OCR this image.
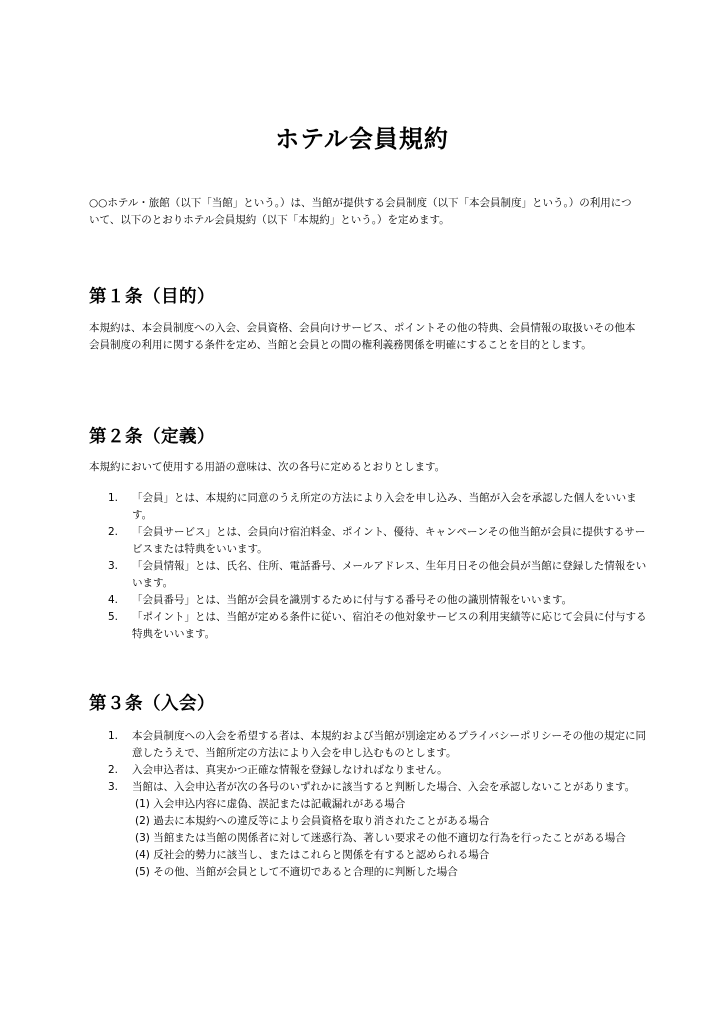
ホテル会員規約

○○ホテル・旅館（以下「当館」という。）は、当館が提供する会員制度（以下「本会員制度」という。）の利用について、以下のとおりホテル会員規約（以下「本規約」という。）を定めます。

第１条（目的）

本規約は、本会員制度への入会、会員資格、会員向けサービス、ポイントその他の特典、会員情報の取扱いその他本会員制度の利用に関する条件を定め、当館と会員との間の権利義務関係を明確にすることを目的とします。

第２条（定義）

本規約において使用する用語の意味は、次の各号に定めるとおりとします。

1. 「会員」とは、本規約に同意のうえ所定の方法により入会を申し込み、当館が入会を承認した個人をいいます。
2. 「会員サービス」とは、会員向け宿泊料金、ポイント、優待、キャンペーンその他当館が会員に提供するサービスまたは特典をいいます。
3. 「会員情報」とは、氏名、住所、電話番号、メールアドレス、生年月日その他会員が当館に登録した情報をいいます。
4. 「会員番号」とは、当館が会員を識別するために付与する番号その他の識別情報をいいます。
5. 「ポイント」とは、当館が定める条件に従い、宿泊その他対象サービスの利用実績等に応じて会員に付与する特典をいいます。
第３条（入会）
1. 本会員制度への入会を希望する者は、本規約および当館が別途定めるプライバシーポリシーその他の規定に同意したうえで、当館所定の方法により入会を申し込むものとします。
2. 入会申込者は、真実かつ正確な情報を登録しなければなりません。
3. 当館は、入会申込者が次の各号のいずれかに該当すると判断した場合、入会を承認しないことがあります。
(1) 入会申込内容に虚偽、誤記または記載漏れがある場合
(2) 過去に本規約への違反等により会員資格を取り消されたことがある場合
(3) 当館または当館の関係者に対して迷惑行為、著しい要求その他不適切な行為を行ったことがある場合
(4) 反社会的勢力に該当し、またはこれらと関係を有すると認められる場合
(5) その他、当館が会員として不適切であると合理的に判断した場合
